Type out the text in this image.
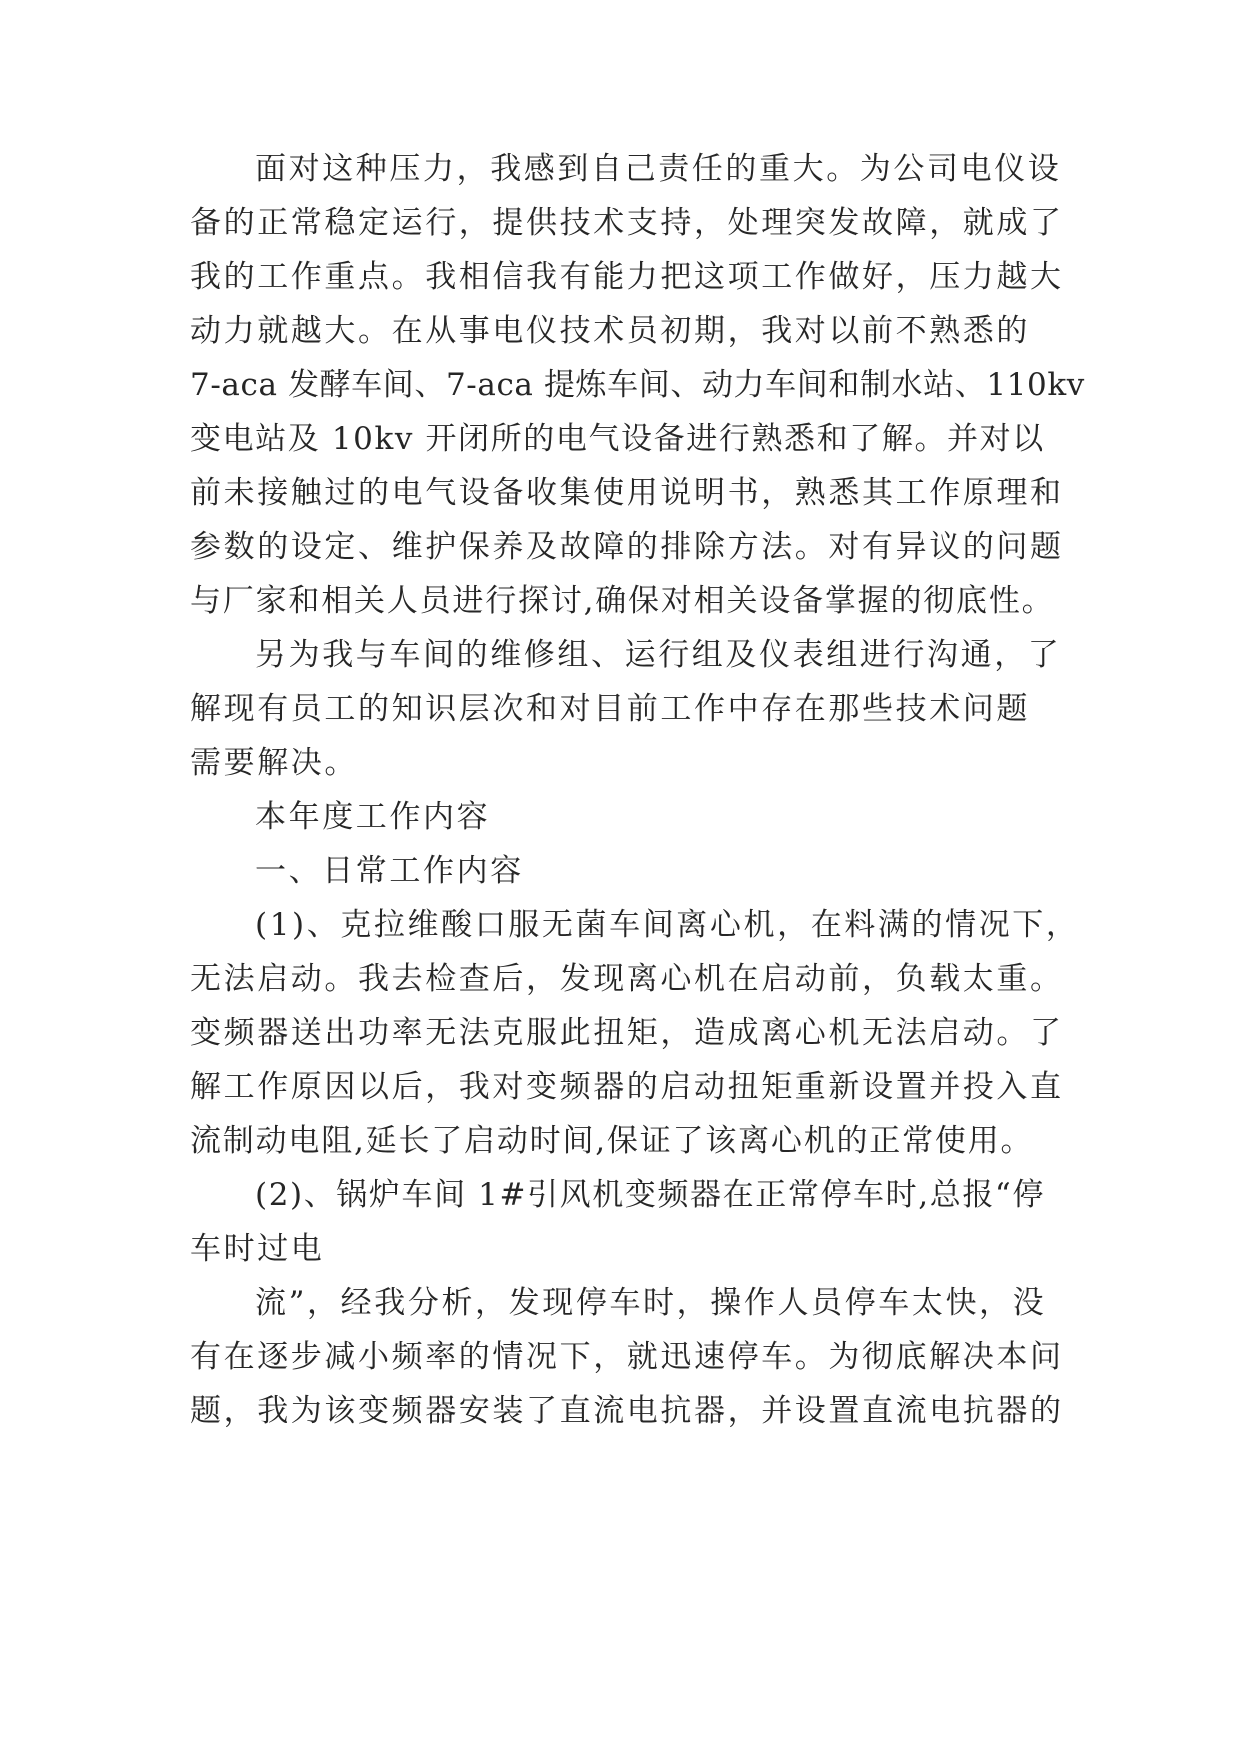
面对这种压力，我感到自己责任的重大。为公司电仪设
备的正常稳定运行，提供技术支持，处理突发故障，就成了
我的工作重点。我相信我有能力把这项工作做好，压力越大
动力就越大。在从事电仪技术员初期，我对以前不熟悉的
7-aca 发酵车间、7-aca 提炼车间、动力车间和制水站、110kv
变电站及 10kv 开闭所的电气设备进行熟悉和了解。并对以
前未接触过的电气设备收集使用说明书，熟悉其工作原理和
参数的设定、维护保养及故障的排除方法。对有异议的问题
与厂家和相关人员进行探讨,确保对相关设备掌握的彻底性。
另为我与车间的维修组、运行组及仪表组进行沟通，了
解现有员工的知识层次和对目前工作中存在那些技术问题
需要解决。
本年度工作内容
一、日常工作内容
(1)、克拉维酸口服无菌车间离心机，在料满的情况下，
无法启动。我去检查后，发现离心机在启动前，负载太重。
变频器送出功率无法克服此扭矩，造成离心机无法启动。了
解工作原因以后，我对变频器的启动扭矩重新设置并投入直
流制动电阻,延长了启动时间,保证了该离心机的正常使用。
(2)、锅炉车间 1#引风机变频器在正常停车时,总报“停
车时过电
流”，经我分析，发现停车时，操作人员停车太快，没
有在逐步减小频率的情况下，就迅速停车。为彻底解决本问
题，我为该变频器安装了直流电抗器，并设置直流电抗器的
